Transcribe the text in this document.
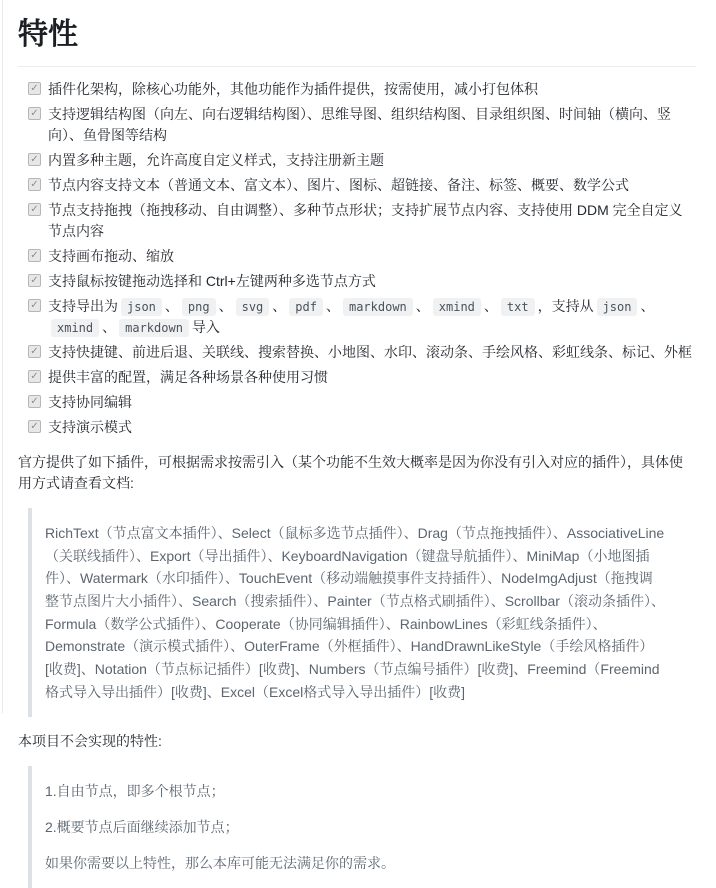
特性
✓ 插件化架构，除核心功能外，其他功能作为插件提供，按需使用，减小打包体积
✓ 支持逻辑结构图（向左、向右逻辑结构图）、思维导图、组织结构图、目录组织图、时间轴（横向、竖向）、鱼骨图等结构
✓ 内置多种主题，允许高度自定义样式，支持注册新主题
✓ 节点内容支持文本（普通文本、富文本）、图片、图标、超链接、备注、标签、概要、数学公式
✓ 节点支持拖拽（拖拽移动、自由调整）、多种节点形状；支持扩展节点内容、支持使用 DDM 完全自定义节点内容
✓ 支持画布拖动、缩放
✓ 支持鼠标按键拖动选择和 Ctrl+左键两种多选节点方式
✓ 支持导出为 json 、 png 、 svg 、 pdf 、 markdown 、 xmind 、 txt ，支持从 json 、xmind 、 markdown 导入
✓ 支持快捷键、前进后退、关联线、搜索替换、小地图、水印、滚动条、手绘风格、彩虹线条、标记、外框
✓ 提供丰富的配置，满足各种场景各种使用习惯
✓ 支持协同编辑
✓ 支持演示模式

官方提供了如下插件，可根据需求按需引入（某个功能不生效大概率是因为你没有引入对应的插件），具体使用方式请查看文档:

RichText（节点富文本插件）、Select（鼠标多选节点插件）、Drag（节点拖拽插件）、AssociativeLine（关联线插件）、Export（导出插件）、KeyboardNavigation（键盘导航插件）、MiniMap（小地图插件）、Watermark（水印插件）、TouchEvent（移动端触摸事件支持插件）、NodeImgAdjust（拖拽调整节点图片大小插件）、Search（搜索插件）、Painter（节点格式刷插件）、Scrollbar（滚动条插件）、Formula（数学公式插件）、Cooperate（协同编辑插件）、RainbowLines（彩虹线条插件）、Demonstrate（演示模式插件）、OuterFrame（外框插件）、HandDrawnLikeStyle（手绘风格插件）[收费]、Notation（节点标记插件）[收费]、Numbers（节点编号插件）[收费]、Freemind（Freemind格式导入导出插件）[收费]、Excel（Excel格式导入导出插件）[收费]

本项目不会实现的特性:

1.自由节点，即多个根节点；

2.概要节点后面继续添加节点；

如果你需要以上特性，那么本库可能无法满足你的需求。
